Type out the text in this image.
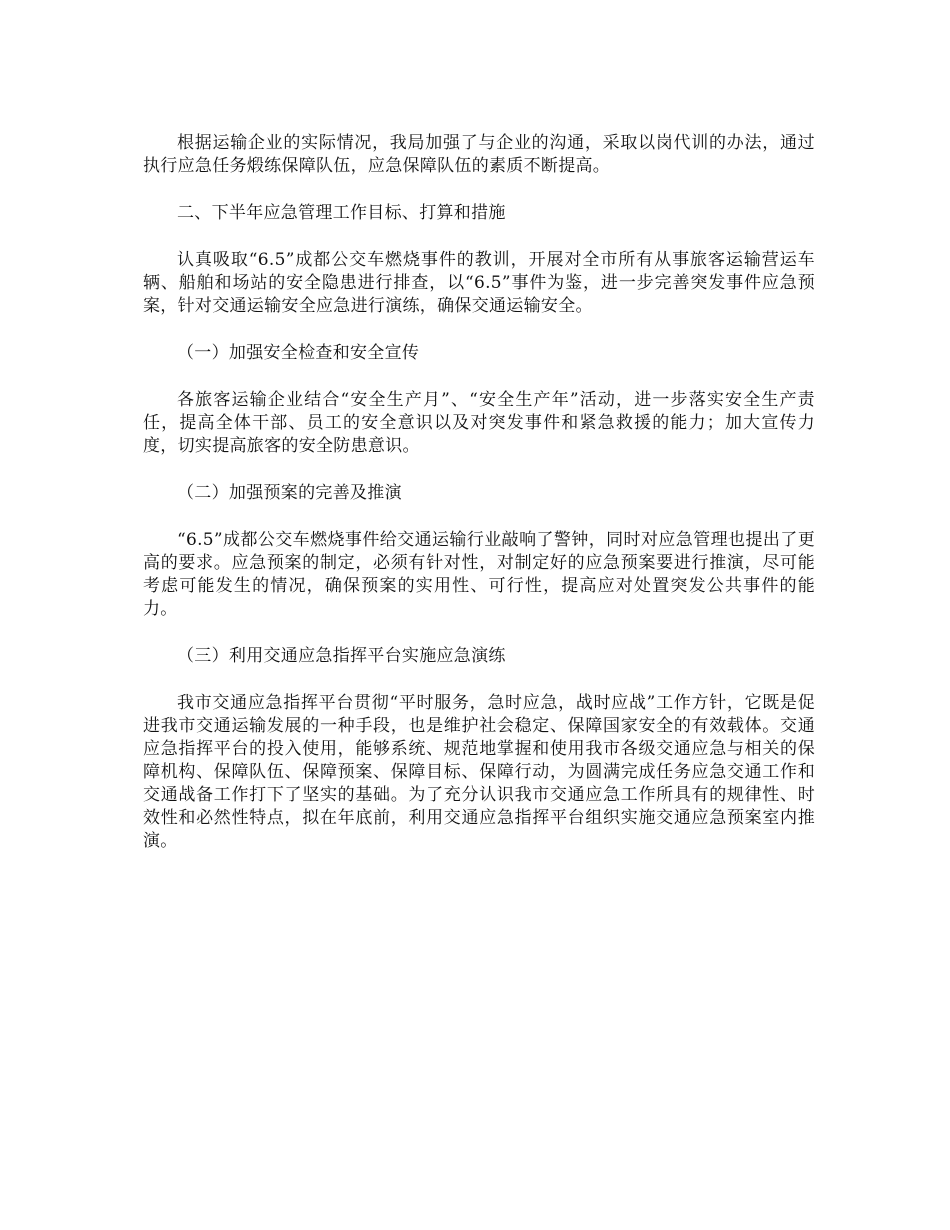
根据运输企业的实际情况，我局加强了与企业的沟通，采取以岗代训的办法，通过执行应急任务煅练保障队伍，应急保障队伍的素质不断提高。

二、下半年应急管理工作目标、打算和措施

认真吸取“6.5”成都公交车燃烧事件的教训，开展对全市所有从事旅客运输营运车辆、船舶和场站的安全隐患进行排查，以“6.5”事件为鉴，进一步完善突发事件应急预案，针对交通运输安全应急进行演练，确保交通运输安全。

（一）加强安全检查和安全宣传

各旅客运输企业结合“安全生产月”、“安全生产年”活动，进一步落实安全生产责任，提高全体干部、员工的安全意识以及对突发事件和紧急救援的能力；加大宣传力度，切实提高旅客的安全防患意识。

（二）加强预案的完善及推演

“6.5”成都公交车燃烧事件给交通运输行业敲响了警钟，同时对应急管理也提出了更高的要求。应急预案的制定，必须有针对性，对制定好的应急预案要进行推演，尽可能考虑可能发生的情况，确保预案的实用性、可行性，提高应对处置突发公共事件的能力。

（三）利用交通应急指挥平台实施应急演练

我市交通应急指挥平台贯彻“平时服务，急时应急，战时应战”工作方针，它既是促进我市交通运输发展的一种手段，也是维护社会稳定、保障国家安全的有效载体。交通应急指挥平台的投入使用，能够系统、规范地掌握和使用我市各级交通应急与相关的保障机构、保障队伍、保障预案、保障目标、保障行动，为圆满完成任务应急交通工作和交通战备工作打下了坚实的基础。为了充分认识我市交通应急工作所具有的规律性、时效性和必然性特点，拟在年底前，利用交通应急指挥平台组织实施交通应急预案室内推演。
